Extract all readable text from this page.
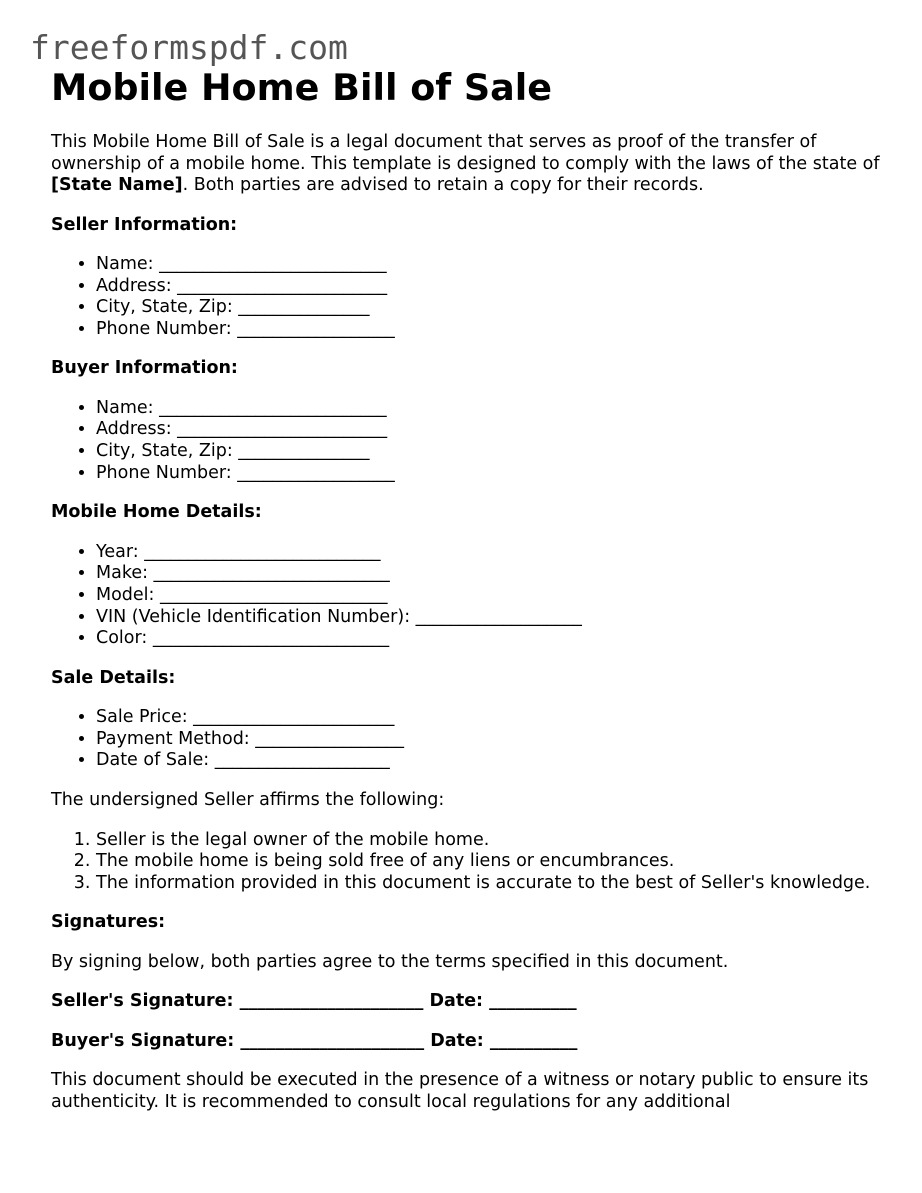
freeformspdf.com
Mobile Home Bill of Sale

This Mobile Home Bill of Sale is a legal document that serves as proof of the transfer of ownership of a mobile home. This template is designed to comply with the laws of the state of [State Name]. Both parties are advised to retain a copy for their records.

Seller Information:

• Name: __________________________
• Address: ________________________
• City, State, Zip: _______________
• Phone Number: __________________

Buyer Information:

• Name: __________________________
• Address: ________________________
• City, State, Zip: _______________
• Phone Number: __________________

Mobile Home Details:

• Year: ___________________________
• Make: ___________________________
• Model: __________________________
• VIN (Vehicle Identification Number): ___________________
• Color: ___________________________

Sale Details:

• Sale Price: _______________________
• Payment Method: _________________
• Date of Sale: ____________________

The undersigned Seller affirms the following:

1. Seller is the legal owner of the mobile home.
2. The mobile home is being sold free of any liens or encumbrances.
3. The information provided in this document is accurate to the best of Seller's knowledge.

Signatures:

By signing below, both parties agree to the terms specified in this document.

Seller's Signature: _____________________ Date: __________

Buyer's Signature: _____________________ Date: __________

This document should be executed in the presence of a witness or notary public to ensure its authenticity. It is recommended to consult local regulations for any additional
